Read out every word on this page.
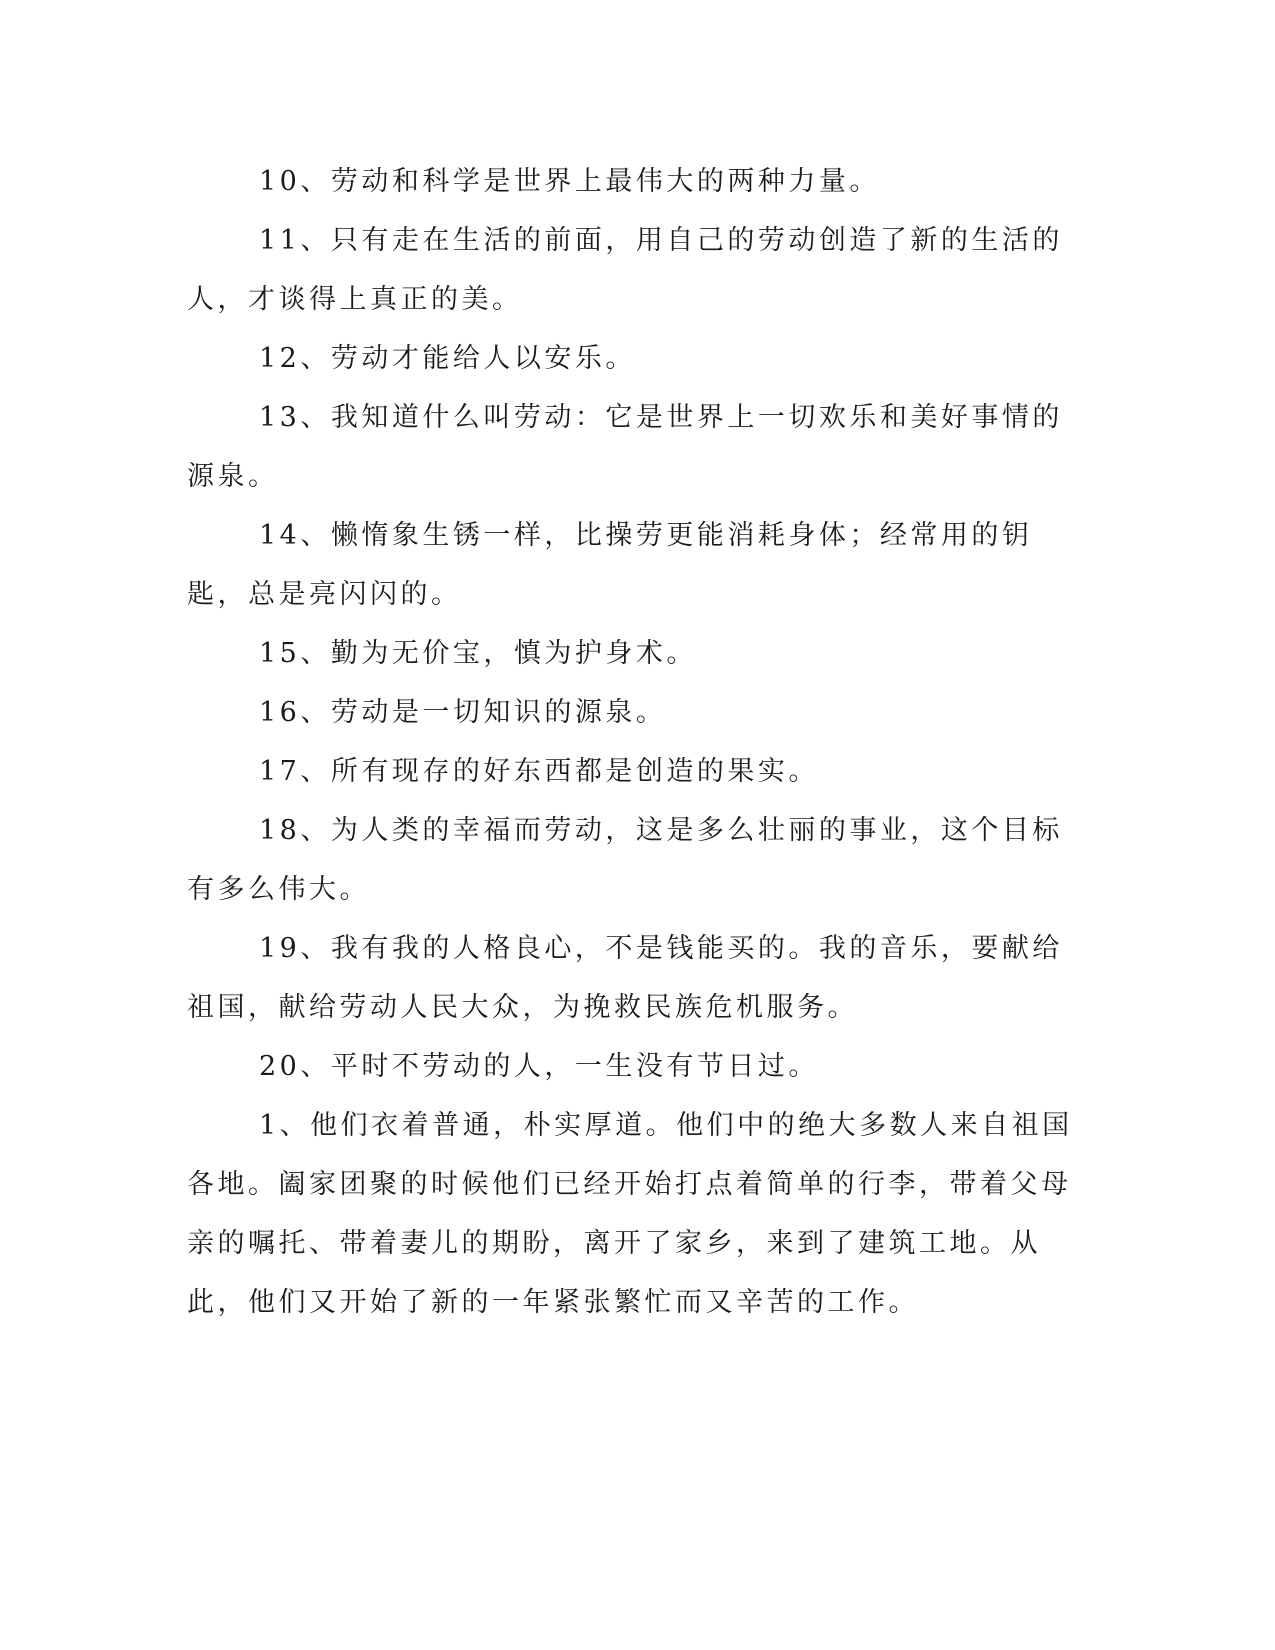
10、劳动和科学是世界上最伟大的两种力量。

11、只有走在生活的前面，用自己的劳动创造了新的生活的人，才谈得上真正的美。

12、劳动才能给人以安乐。

13、我知道什么叫劳动：它是世界上一切欢乐和美好事情的源泉。

14、懒惰象生锈一样，比操劳更能消耗身体；经常用的钥匙，总是亮闪闪的。

15、勤为无价宝，慎为护身术。

16、劳动是一切知识的源泉。

17、所有现存的好东西都是创造的果实。

18、为人类的幸福而劳动，这是多么壮丽的事业，这个目标有多么伟大。

19、我有我的人格良心，不是钱能买的。我的音乐，要献给祖国，献给劳动人民大众，为挽救民族危机服务。

20、平时不劳动的人，一生没有节日过。

1、他们衣着普通，朴实厚道。他们中的绝大多数人来自祖国各地。阖家团聚的时候他们已经开始打点着简单的行李，带着父母亲的嘱托、带着妻儿的期盼，离开了家乡，来到了建筑工地。从此，他们又开始了新的一年紧张繁忙而又辛苦的工作。
